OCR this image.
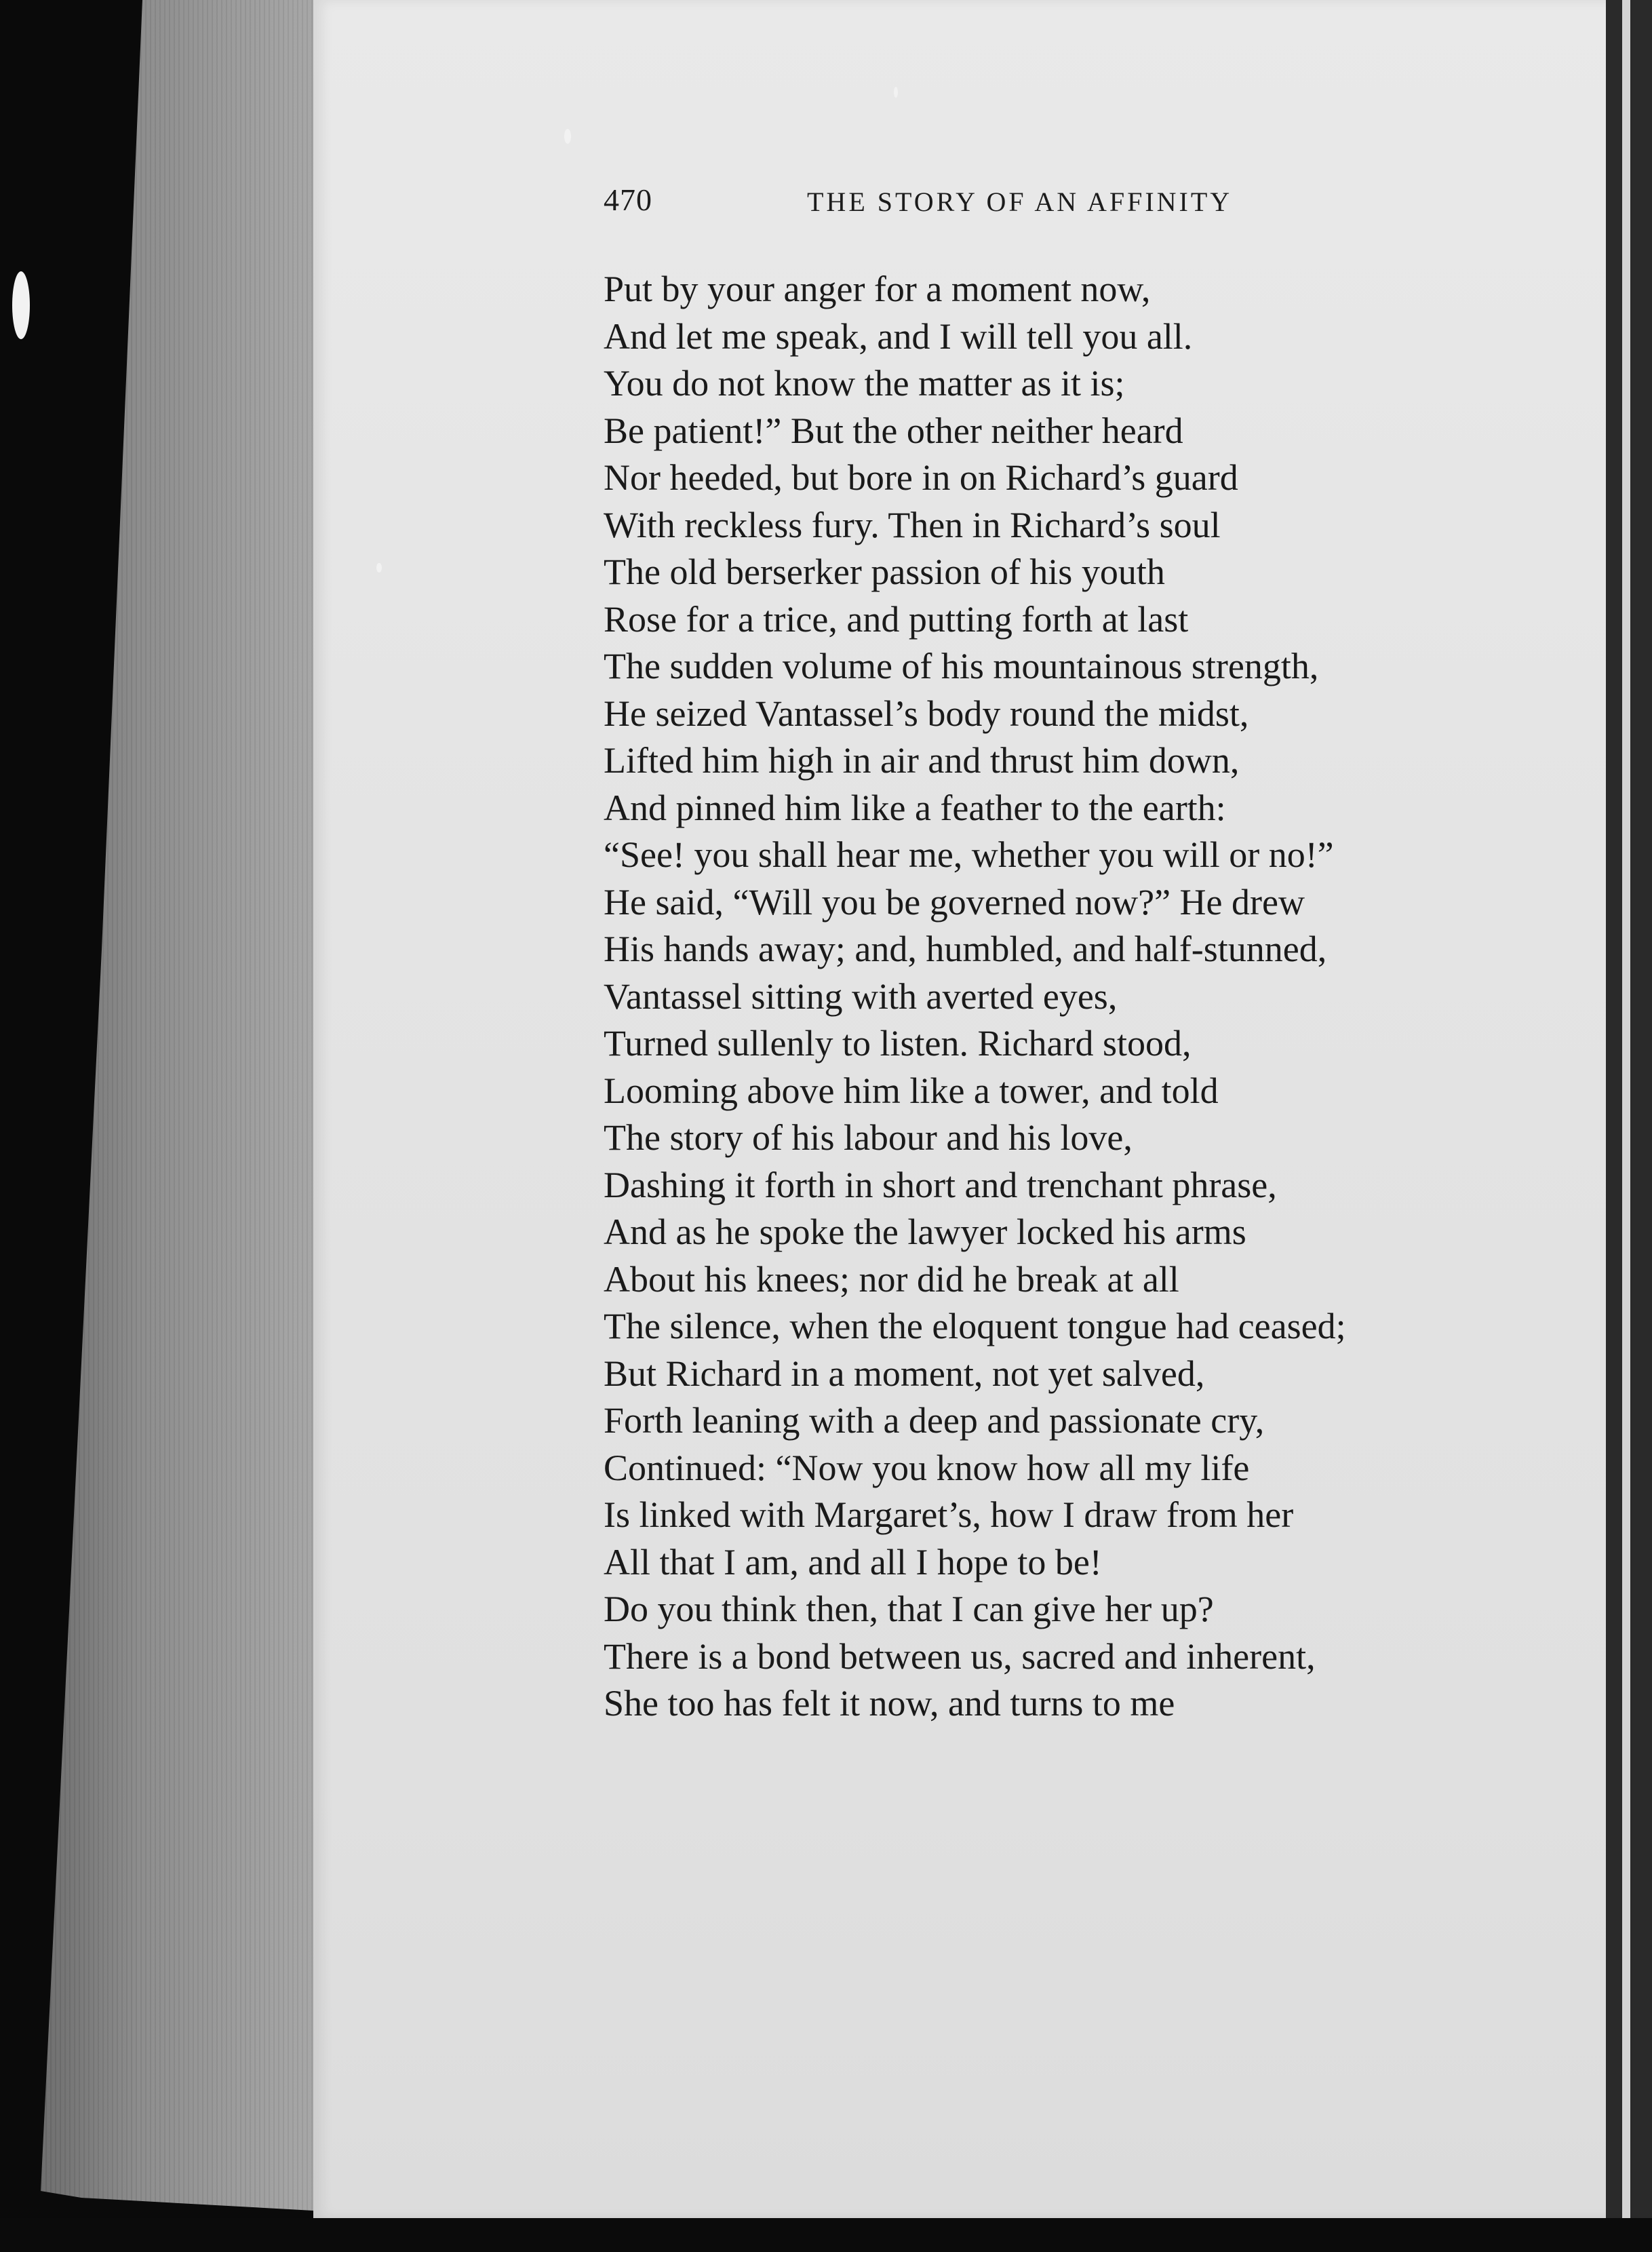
470	THE STORY OF AN AFFINITY
Put by your anger for a moment now,
And let me speak, and I will tell you all.
You do not know the matter as it is;
Be patient!” But the other neither heard
Nor heeded, but bore in on Richard’s guard
With reckless fury. Then in Richard’s soul
The old berserker passion of his youth
Rose for a trice, and putting forth at last
The sudden volume of his mountainous strength,
He seized Vantassel’s body round the midst,
Lifted him high in air and thrust him down,
And pinned him like a feather to the earth:
“See! you shall hear me, whether you will or no!”
He said, “Will you be governed now?” He drew
His hands away; and, humbled, and half-stunned,
Vantassel sitting with averted eyes,
Turned sullenly to listen. Richard stood,
Looming above him like a tower, and told
The story of his labour and his love,
Dashing it forth in short and trenchant phrase,
And as he spoke the lawyer locked his arms
About his knees; nor did he break at all
The silence, when the eloquent tongue had ceased;
But Richard in a moment, not yet salved,
Forth leaning with a deep and passionate cry,
Continued: “Now you know how all my life
Is linked with Margaret’s, how I draw from her
All that I am, and all I hope to be!
Do you think then, that I can give her up?
There is a bond between us, sacred and inherent,
She too has felt it now, and turns to me
